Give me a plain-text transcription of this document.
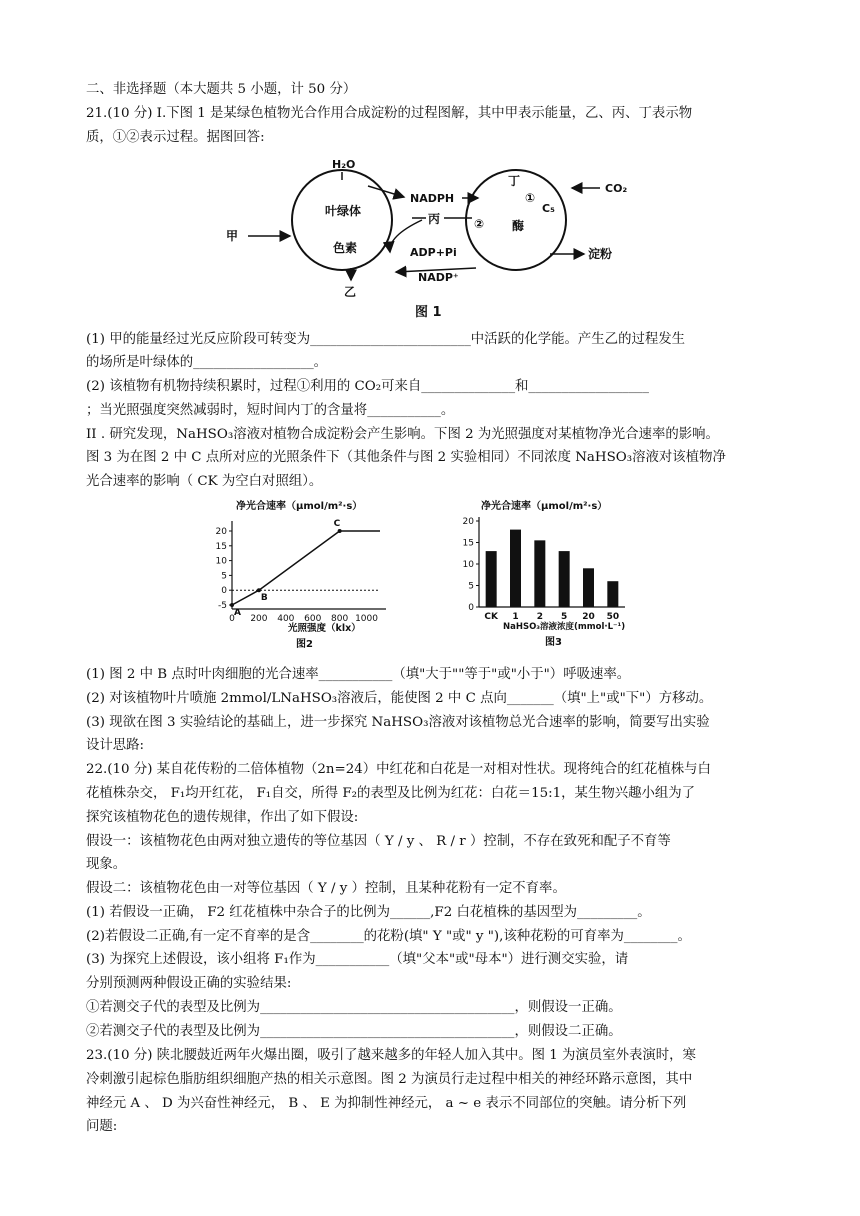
二、非选择题（本大题共 5 小题，计 50 分）
21.(10 分) Ⅰ.下图 1 是某绿色植物光合作用合成淀粉的过程图解，其中甲表示能量，乙、丙、丁表示物
质，①②表示过程。据图回答:
H₂O
甲
叶绿体
色素
乙
NADPH
丙
ADP+Pi
NADP⁺
丁
①
C₅
CO₂
② 酶
淀粉
图 1
(1) 甲的能量经过光反应阶段可转变为________________________中活跃的化学能。产生乙的过程发生
的场所是叶绿体的__________________。
(2) 该植物有机物持续积累时，过程①利用的 CO₂可来自______________和__________________
；当光照强度突然减弱时，短时间内丁的含量将___________。
II . 研究发现，NaHSO₃溶液对植物合成淀粉会产生影响。下图 2 为光照强度对某植物净光合速率的影响。
图 3 为在图 2 中 C 点所对应的光照条件下（其他条件与图 2 实验相同）不同浓度 NaHSO₃溶液对该植物净
光合速率的影响（ CK 为空白对照组）。
净光合速率（μmol/m²·s）
20
15
10
5
0
-5
0 200 400 600 800 1000
A
B
C
光照强度（klx）
图2
净光合速率（μmol/m²·s）
20
15
10
5
0
CK 1 2 5 20 50
NaHSO₃溶液浓度(mmol·L⁻¹)
图3
(1) 图 2 中 B 点时叶肉细胞的光合速率___________（填"大于""等于"或"小于"）呼吸速率。
(2) 对该植物叶片喷施 2mmol/LNaHSO₃溶液后，能使图 2 中 C 点向_______（填"上"或"下"）方移动。
(3) 现欲在图 3 实验结论的基础上，进一步探究 NaHSO₃溶液对该植物总光合速率的影响，简要写出实验
设计思路:
22.(10 分) 某自花传粉的二倍体植物（2n=24）中红花和白花是一对相对性状。现将纯合的红花植株与白
花植株杂交， F₁均开红花， F₁自交，所得 F₂的表型及比例为红花：白花＝15:1，某生物兴趣小组为了
探究该植物花色的遗传规律，作出了如下假设:
假设一：该植物花色由两对独立遗传的等位基因（ Y / y 、 R / r ）控制，不存在致死和配子不育等
现象。
假设二：该植物花色由一对等位基因（ Y / y ）控制，且某种花粉有一定不育率。
(1) 若假设一正确， F2 红花植株中杂合子的比例为______,F2 白花植株的基因型为_________。
(2)若假设二正确,有一定不育率的是含________的花粉(填" Y "或" y "),该种花粉的可育率为________。
(3) 为探究上述假设，该小组将 F₁作为___________（填"父本"或"母本"）进行测交实验，请
分别预测两种假设正确的实验结果:
①若测交子代的表型及比例为______________________________________，则假设一正确。
②若测交子代的表型及比例为______________________________________，则假设二正确。
23.(10 分) 陕北腰鼓近两年火爆出圈，吸引了越来越多的年轻人加入其中。图 1 为演员室外表演时，寒
冷刺激引起棕色脂肪组织细胞产热的相关示意图。图 2 为演员行走过程中相关的神经环路示意图，其中
神经元 A 、 D 为兴奋性神经元， B 、 E 为抑制性神经元， a ~ e 表示不同部位的突触。请分析下列
问题:
